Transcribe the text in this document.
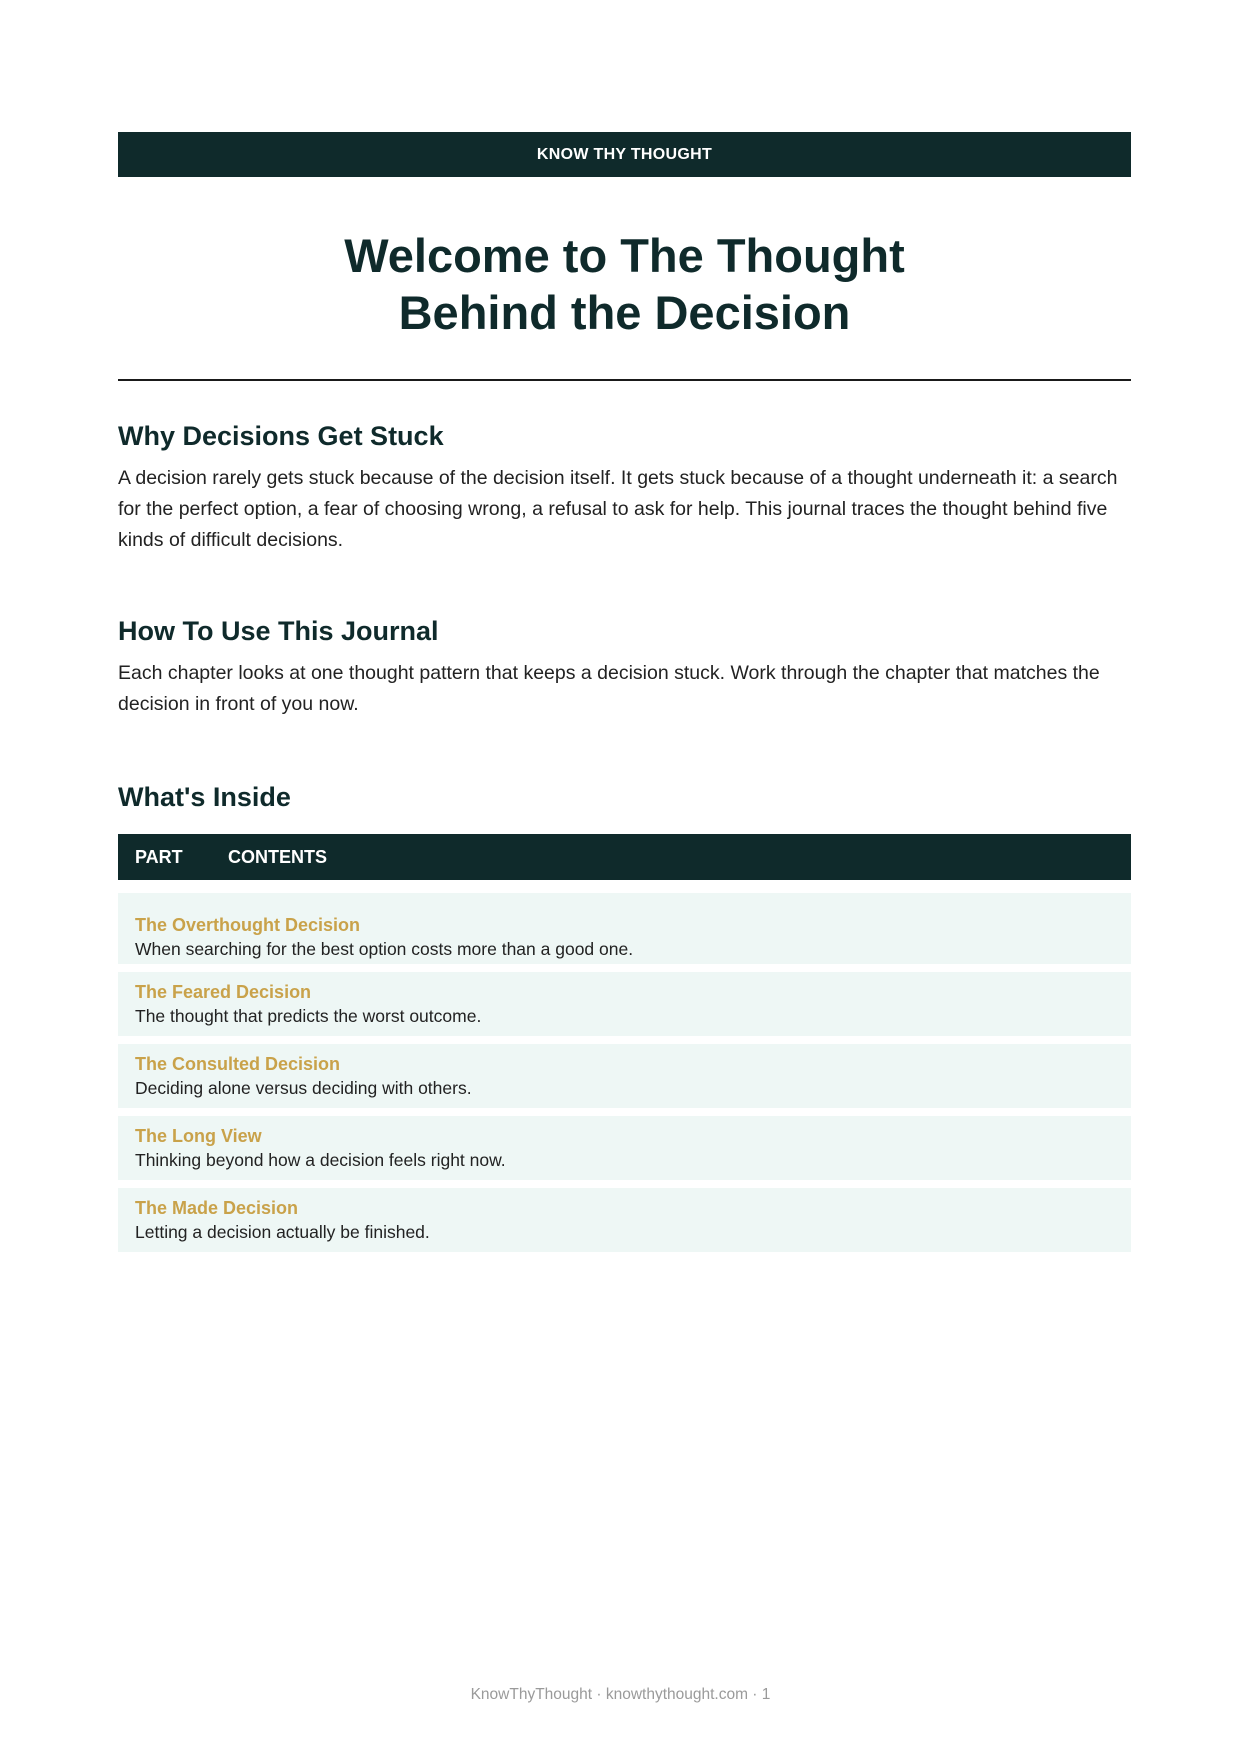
KNOW THY THOUGHT
Welcome to The Thought
Behind the Decision
Why Decisions Get Stuck

A decision rarely gets stuck because of the decision itself. It gets stuck because of a thought underneath it: a search for the perfect option, a fear of choosing wrong, a refusal to ask for help. This journal traces the thought behind five kinds of difficult decisions.

How To Use This Journal

Each chapter looks at one thought pattern that keeps a decision stuck. Work through the chapter that matches the decision in front of you now.

What's Inside
PART	CONTENTS
The Overthought Decision
When searching for the best option costs more than a good one.
The Feared Decision
The thought that predicts the worst outcome.
The Consulted Decision
Deciding alone versus deciding with others.
The Long View
Thinking beyond how a decision feels right now.
The Made Decision
Letting a decision actually be finished.
KnowThyThought · knowthythought.com · 1
